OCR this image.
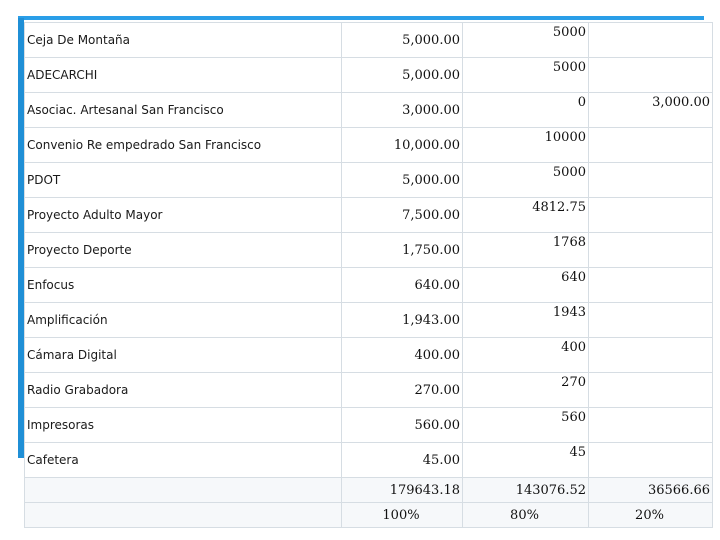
Ceja De Montaña	5,000.00	5000	
ADECARCHI	5,000.00	5000	
Asociac. Artesanal San Francisco	3,000.00	0	3,000.00
Convenio Re empedrado San Francisco	10,000.00	10000	
PDOT	5,000.00	5000	
Proyecto Adulto Mayor	7,500.00	4812.75	
Proyecto Deporte	1,750.00	1768	
Enfocus	640.00	640	
Amplificación	1,943.00	1943	
Cámara Digital	400.00	400	
Radio Grabadora	270.00	270	
Impresoras	560.00	560	
Cafetera	45.00	45	
	179643.18	143076.52	36566.66
	100%	80%	20%
